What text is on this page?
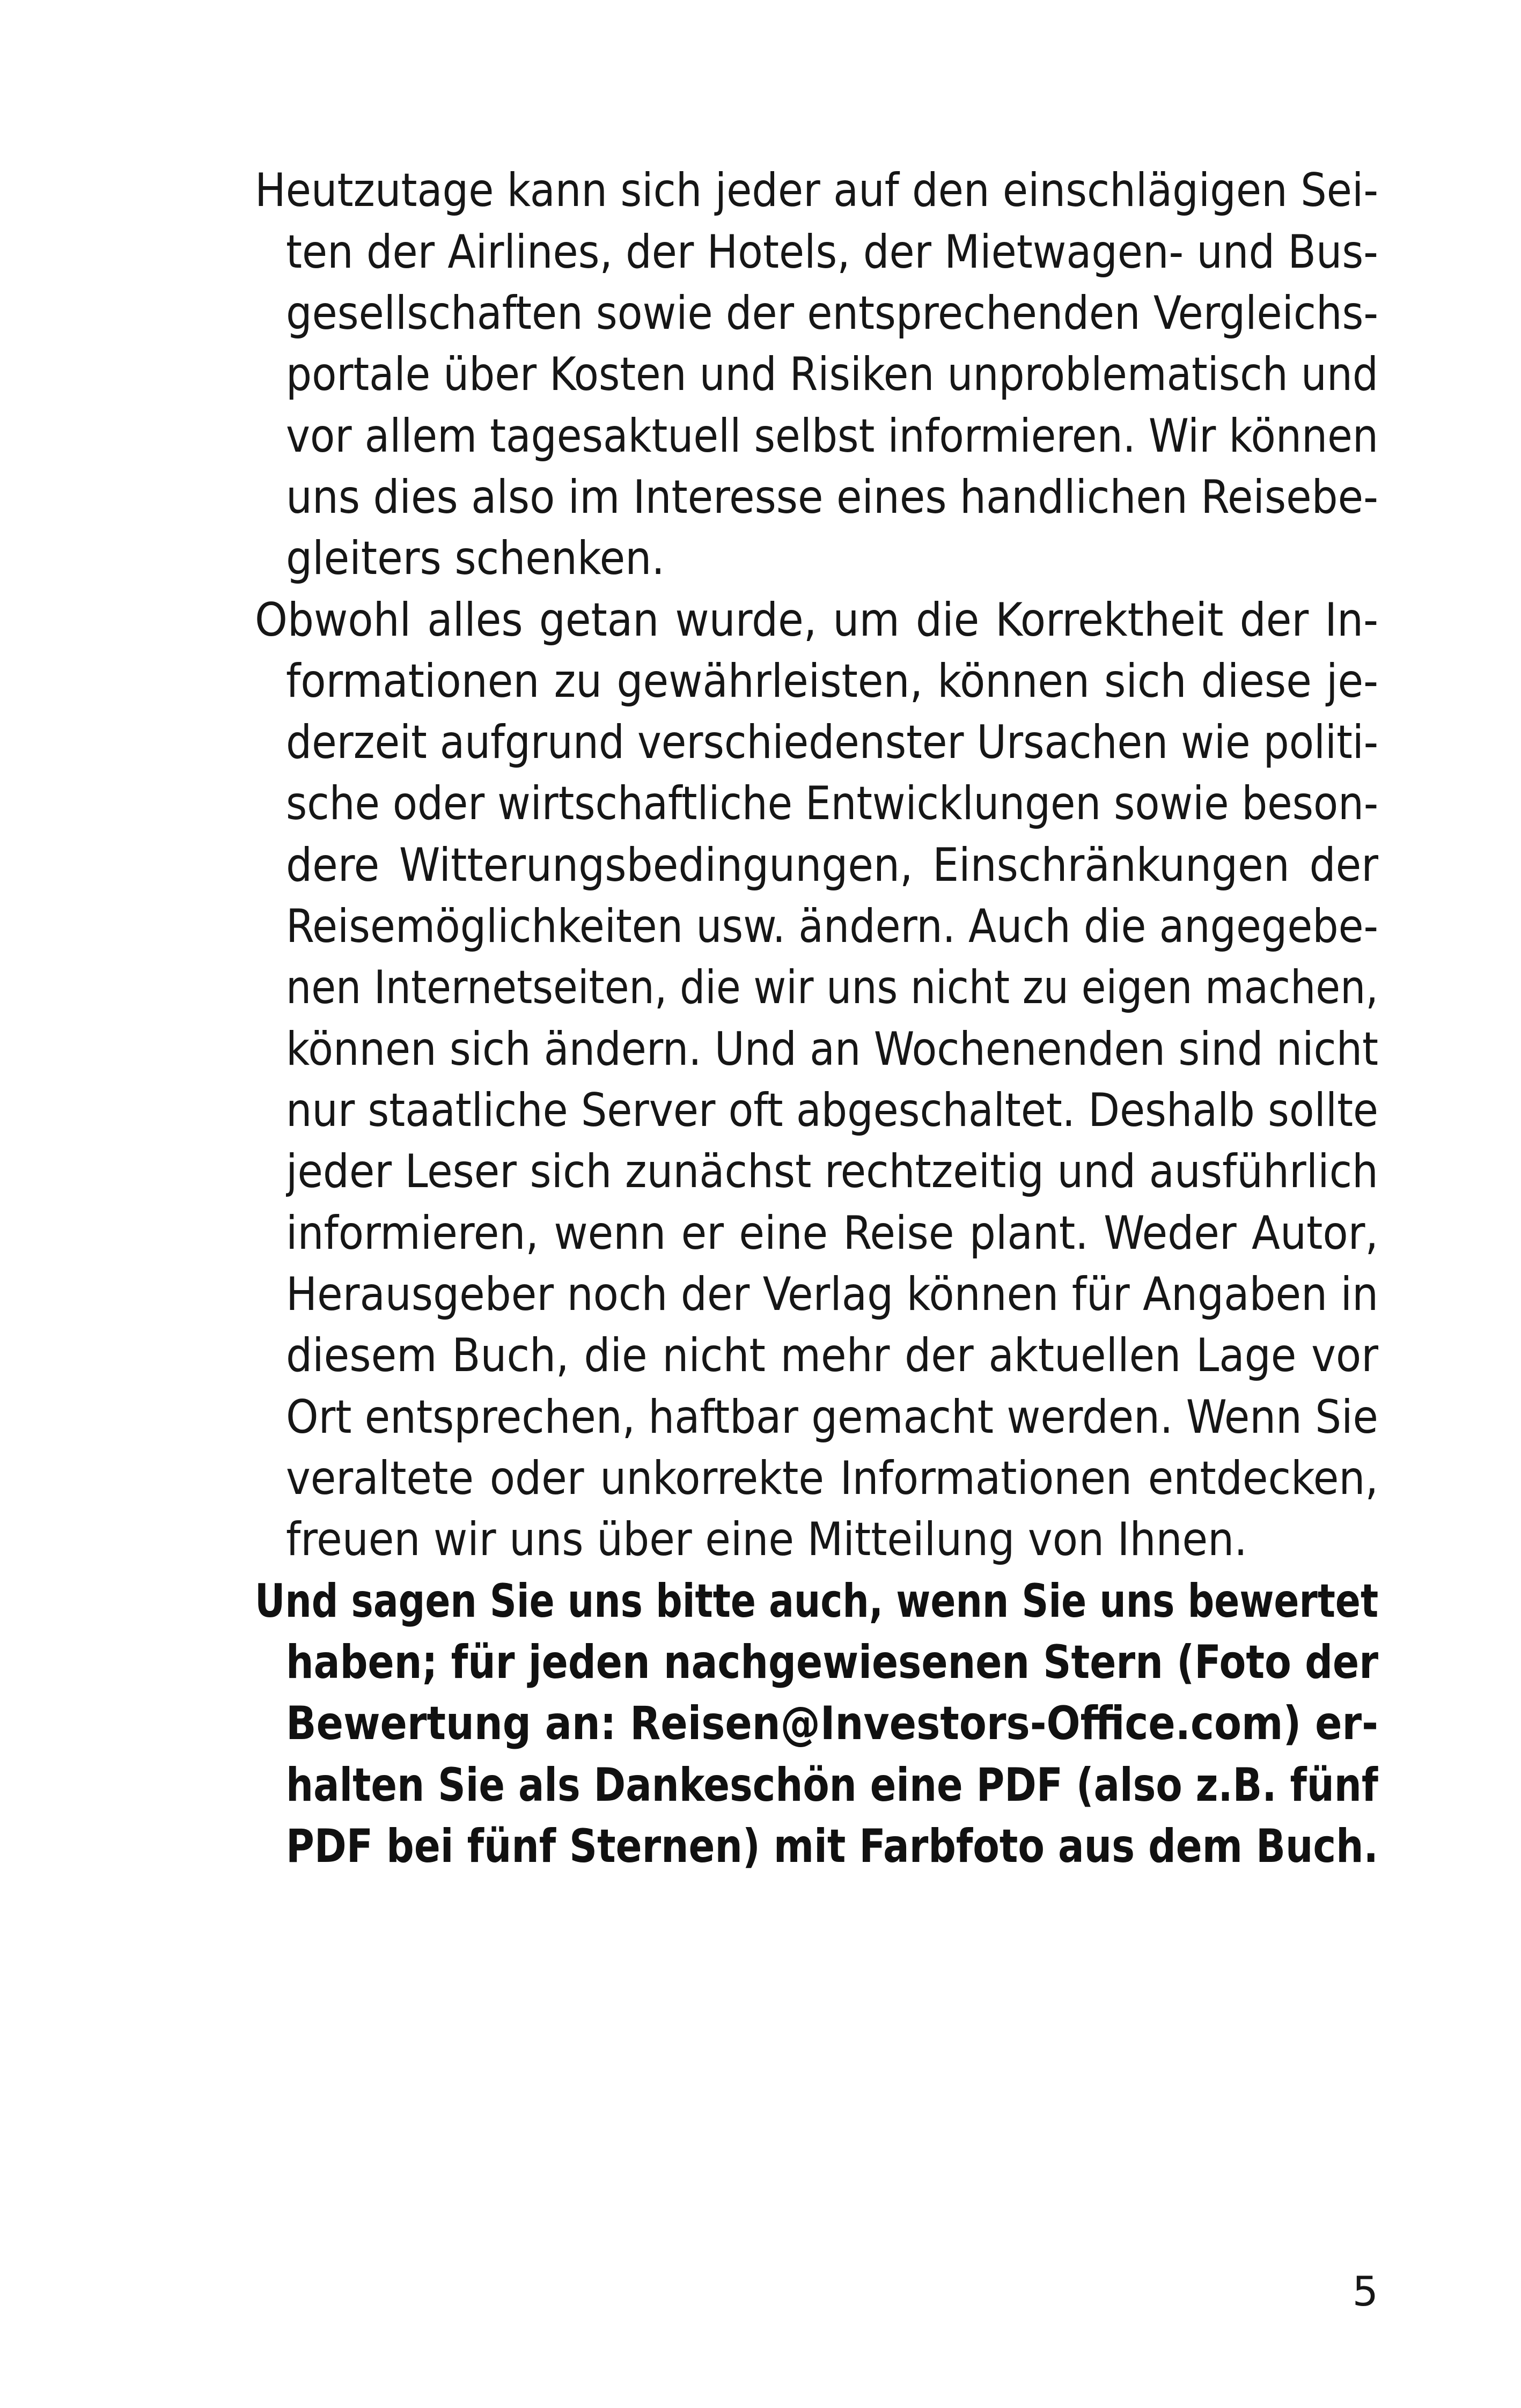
Heutzutage kann sich jeder auf den einschlägigen Sei-
ten der Airlines, der Hotels, der Mietwagen- und Bus-
gesellschaften sowie der entsprechenden Vergleichs-
portale über Kosten und Risiken unproblematisch und
vor allem tagesaktuell selbst informieren. Wir können
uns dies also im Interesse eines handlichen Reisebe-
gleiters schenken.
Obwohl alles getan wurde, um die Korrektheit der In-
formationen zu gewährleisten, können sich diese je-
derzeit aufgrund verschiedenster Ursachen wie politi-
sche oder wirtschaftliche Entwicklungen sowie beson-
dere Witterungsbedingungen, Einschränkungen der
Reisemöglichkeiten usw. ändern. Auch die angegebe-
nen Internetseiten, die wir uns nicht zu eigen machen,
können sich ändern. Und an Wochenenden sind nicht
nur staatliche Server oft abgeschaltet. Deshalb sollte
jeder Leser sich zunächst rechtzeitig und ausführlich
informieren, wenn er eine Reise plant. Weder Autor,
Herausgeber noch der Verlag können für Angaben in
diesem Buch, die nicht mehr der aktuellen Lage vor
Ort entsprechen, haftbar gemacht werden. Wenn Sie
veraltete oder unkorrekte Informationen entdecken,
freuen wir uns über eine Mitteilung von Ihnen.
Und sagen Sie uns bitte auch, wenn Sie uns bewertet
haben; für jeden nachgewiesenen Stern (Foto der
Bewertung an: Reisen@Investors-Office.com) er-
halten Sie als Dankeschön eine PDF (also z.B. fünf
PDF bei fünf Sternen) mit Farbfoto aus dem Buch.
5
